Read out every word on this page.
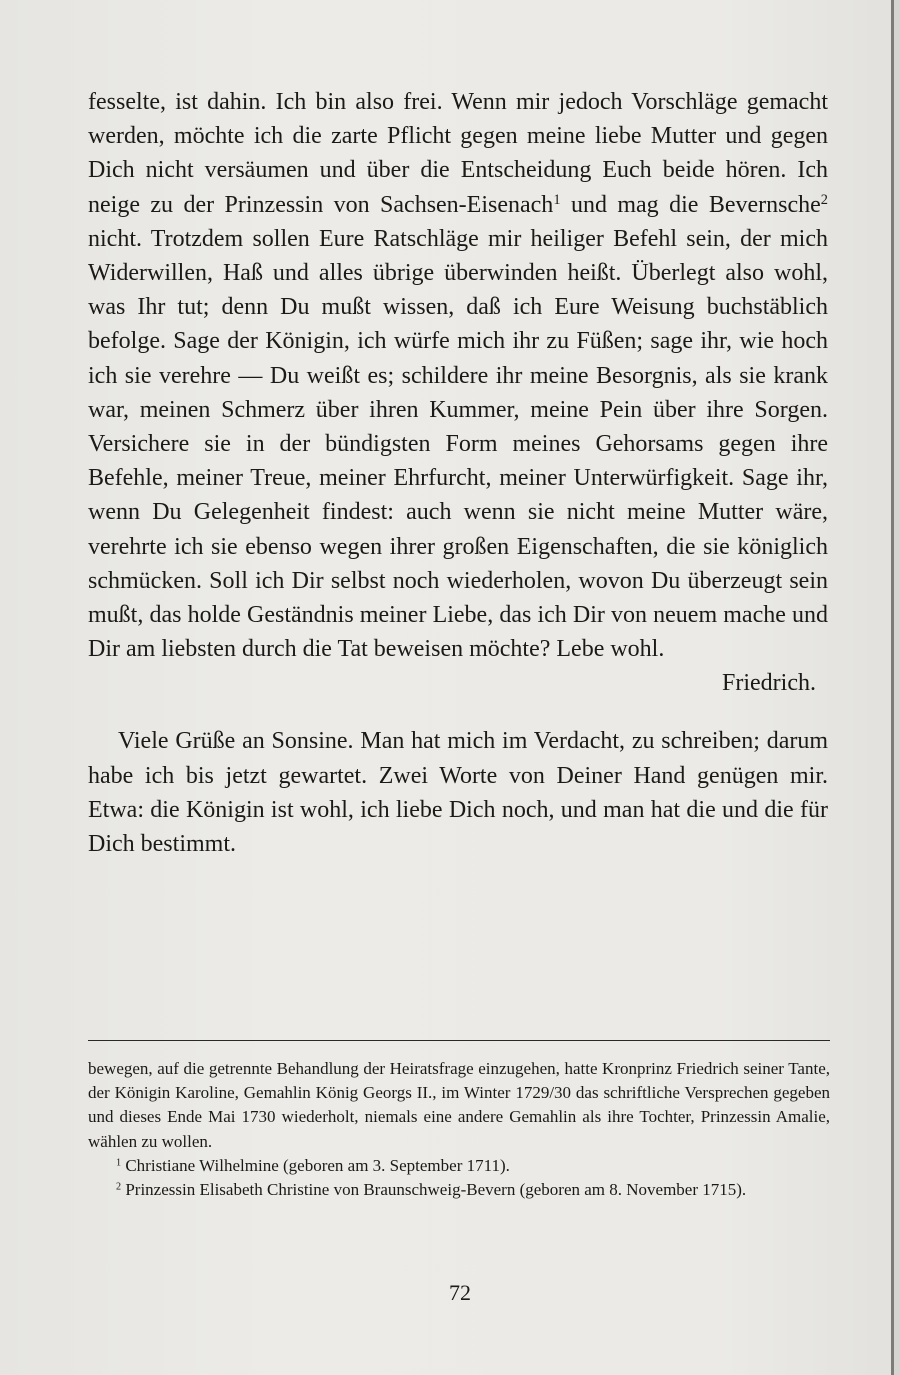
fesselte, ist dahin. Ich bin also frei. Wenn mir jedoch Vorschläge gemacht werden, möchte ich die zarte Pflicht gegen meine liebe Mutter und gegen Dich nicht versäumen und über die Entscheidung Euch beide hören. Ich neige zu der Prinzessin von Sachsen-Eisenach$^1$ und mag die Bevernsche$^2$ nicht. Trotzdem sollen Eure Ratschläge mir heiliger Befehl sein, der mich Widerwillen, Haß und alles übrige überwinden heißt. Überlegt also wohl, was Ihr tut; denn Du mußt wissen, daß ich Eure Weisung buchstäblich befolge. Sage der Königin, ich würfe mich ihr zu Füßen; sage ihr, wie hoch ich sie verehre — Du weißt es; schildere ihr meine Besorgnis, als sie krank war, meinen Schmerz über ihren Kummer, meine Pein über ihre Sorgen. Versichere sie in der bündigsten Form meines Gehorsams gegen ihre Befehle, meiner Treue, meiner Ehrfurcht, meiner Unterwürfigkeit. Sage ihr, wenn Du Gelegenheit findest: auch wenn sie nicht meine Mutter wäre, verehrte ich sie ebenso wegen ihrer großen Eigenschaften, die sie königlich schmücken. Soll ich Dir selbst noch wiederholen, wovon Du überzeugt sein mußt, das holde Geständnis meiner Liebe, das ich Dir von neuem mache und Dir am liebsten durch die Tat beweisen möchte? Lebe wohl.

Friedrich.

Viele Grüße an Sonsine. Man hat mich im Verdacht, zu schreiben; darum habe ich bis jetzt gewartet. Zwei Worte von Deiner Hand genügen mir. Etwa: die Königin ist wohl, ich liebe Dich noch, und man hat die und die für Dich bestimmt.

bewegen, auf die getrennte Behandlung der Heiratsfrage einzugehen, hatte Kronprinz Friedrich seiner Tante, der Königin Karoline, Gemahlin König Georgs II., im Winter 1729/30 das schriftliche Versprechen gegeben und dieses Ende Mai 1730 wiederholt, niemals eine andere Gemahlin als ihre Tochter, Prinzessin Amalie, wählen zu wollen.

$^1$ Christiane Wilhelmine (geboren am 3. September 1711).

$^2$ Prinzessin Elisabeth Christine von Braunschweig-Bevern (geboren am 8. November 1715).

72
